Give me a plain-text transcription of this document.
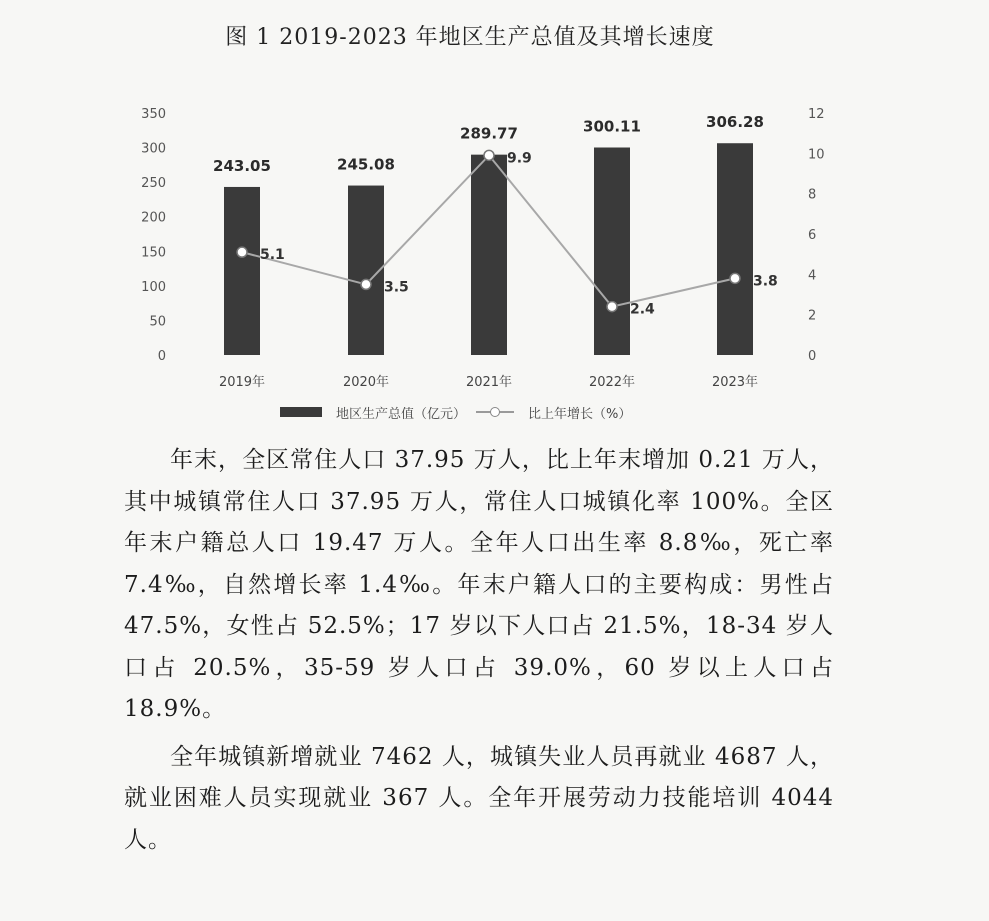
图 1 2019-2023 年地区生产总值及其增长速度
350
300
250
200
150
100
50
0
12
10
8
6
4
2
0
243.05	245.08
289.77	300.11	306.28
5.1
3.5
9.9
2.4
3.8
2019年	2020年	2021年	2022年	2023年
地区生产总值（亿元）	比上年增长（%）

年末，全区常住人口 37.95 万人，比上年末增加 0.21 万人，其中城镇常住人口 37.95 万人，常住人口城镇化率 100%。全区年末户籍总人口 19.47 万人。全年人口出生率 8.8‰，死亡率 7.4‰，自然增长率 1.4‰。年末户籍人口的主要构成：男性占 47.5%，女性占 52.5%；17 岁以下人口占 21.5%，18-34 岁人口占 20.5%，35-59 岁人口占 39.0%，60 岁以上人口占 18.9%。

全年城镇新增就业 7462 人，城镇失业人员再就业 4687 人，就业困难人员实现就业 367 人。全年开展劳动力技能培训 4044 人。
